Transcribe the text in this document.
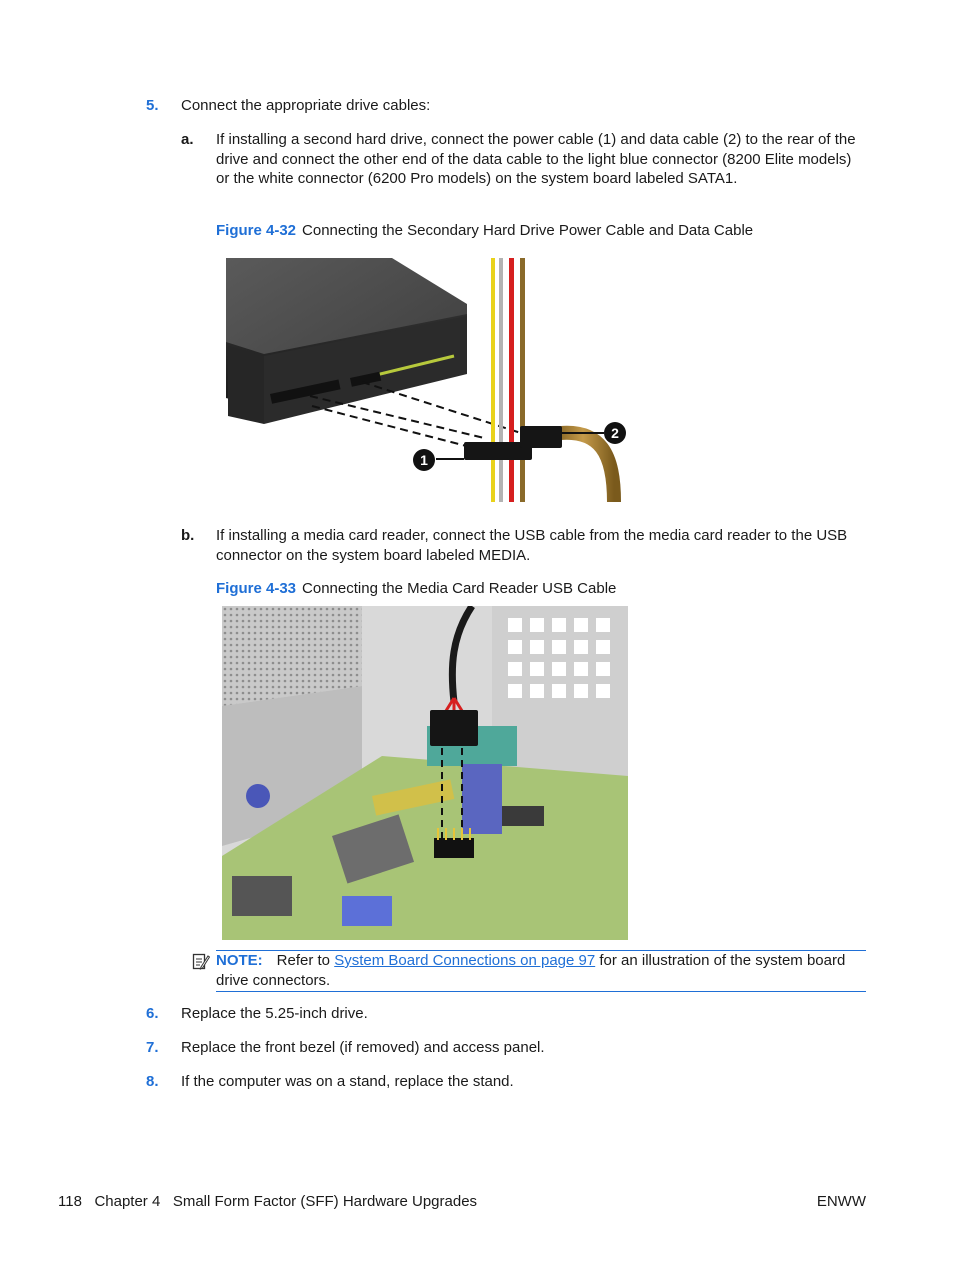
5. Connect the appropriate drive cables:
a. If installing a second hard drive, connect the power cable (1) and data cable (2) to the rear of the drive and connect the other end of the data cable to the light blue connector (8200 Elite models) or the white connector (6200 Pro models) on the system board labeled SATA1.
Figure 4-32 Connecting the Secondary Hard Drive Power Cable and Data Cable
1
2
b. If installing a media card reader, connect the USB cable from the media card reader to the USB connector on the system board labeled MEDIA.
Figure 4-33 Connecting the Media Card Reader USB Cable
NOTE: Refer to System Board Connections on page 97 for an illustration of the system board drive connectors.
6. Replace the 5.25-inch drive.
7. Replace the front bezel (if removed) and access panel.
8. If the computer was on a stand, replace the stand.
118 Chapter 4   Small Form Factor (SFF) Hardware Upgrades	ENWW
